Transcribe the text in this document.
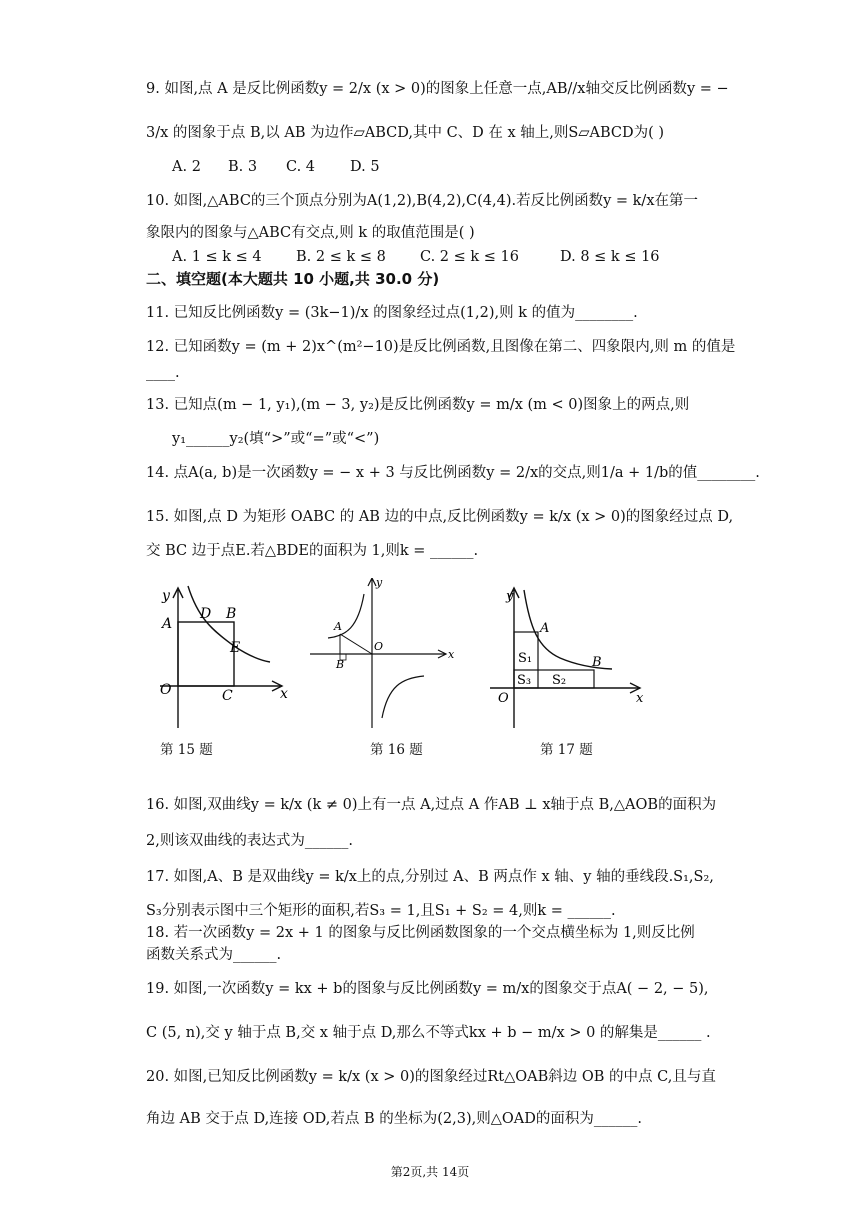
9. 如图,点 A 是反比例函数y = 2/x (x > 0)的图象上任意一点,AB//x轴交反比例函数y = −
3/x 的图象于点 B,以 AB 为边作▱ABCD,其中 C、D 在 x 轴上,则S▱ABCD为( )
A. 2	B. 3	C. 4	D. 5
10. 如图,△ABC的三个顶点分别为A(1,2),B(4,2),C(4,4).若反比例函数y = k/x在第一
象限内的图象与△ABC有交点,则 k 的取值范围是( )
A. 1 ≤ k ≤ 4	B. 2 ≤ k ≤ 8	C. 2 ≤ k ≤ 16	D. 8 ≤ k ≤ 16
二、填空题(本大题共 10 小题,共 30.0 分)
11. 已知反比例函数y = (3k−1)/x 的图象经过点(1,2),则 k 的值为________.
12. 已知函数y = (m + 2)x^(m²−10)是反比例函数,且图像在第二、四象限内,则 m 的值是
____.
13. 已知点(m − 1, y₁),(m − 3, y₂)是反比例函数y = m/x (m < 0)图象上的两点,则
y₁______y₂(填“>”或“=”或“<”)
14. 点A(a, b)是一次函数y = − x + 3 与反比例函数y = 2/x的交点,则1/a + 1/b的值________.
15. 如图,点 D 为矩形 OABC 的 AB 边的中点,反比例函数y = k/x (x > 0)的图象经过点 D,
交 BC 边于点E.若△BDE的面积为 1,则k = ______.
y
x
O
A
D B
E
C
y
x
O
A
B
y
x
O
A
B
S₁
S₂
S₃
第 15 题	第 16 题	第 17 题
16. 如图,双曲线y = k/x (k ≠ 0)上有一点 A,过点 A 作AB ⊥ x轴于点 B,△AOB的面积为
2,则该双曲线的表达式为______.
17. 如图,A、B 是双曲线y = k/x上的点,分别过 A、B 两点作 x 轴、y 轴的垂线段.S₁,S₂,
S₃分别表示图中三个矩形的面积,若S₃ = 1,且S₁ + S₂ = 4,则k = ______.
18. 若一次函数y = 2x + 1 的图象与反比例函数图象的一个交点横坐标为 1,则反比例
函数关系式为______.
19. 如图,一次函数y = kx + b的图象与反比例函数y = m/x的图象交于点A( − 2, − 5),
C (5, n),交 y 轴于点 B,交 x 轴于点 D,那么不等式kx + b − m/x > 0 的解集是______ .
20. 如图,已知反比例函数y = k/x (x > 0)的图象经过Rt△OAB斜边 OB 的中点 C,且与直
角边 AB 交于点 D,连接 OD,若点 B 的坐标为(2,3),则△OAD的面积为______.
第2页,共 14页
